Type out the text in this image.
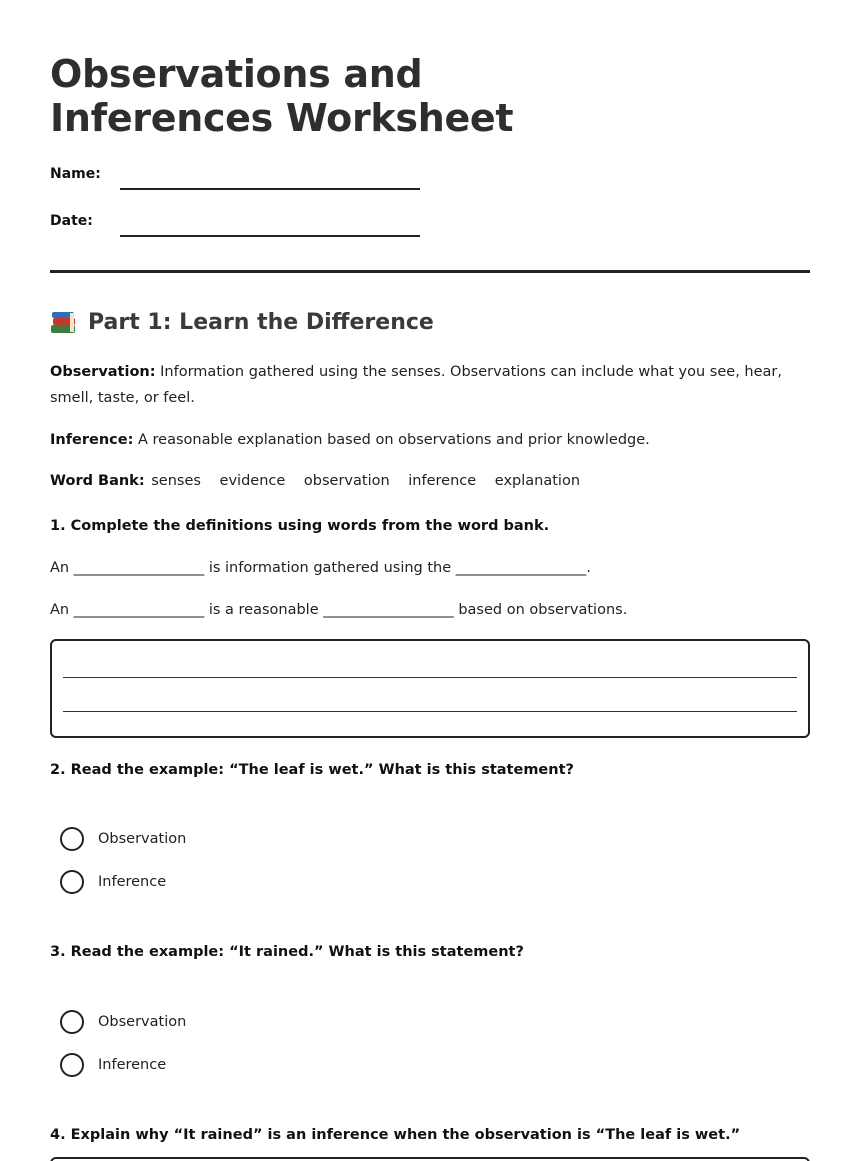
Observations and Inferences Worksheet
Name:
Date:
Part 1: Learn the Difference

Observation: Information gathered using the senses. Observations can include what you see, hear, smell, taste, or feel.

Inference: A reasonable explanation based on observations and prior knowledge.

Word Bank: senses evidence observation inference explanation

1. Complete the definitions using words from the word bank.

An __________________ is information gathered using the __________________.

An __________________ is a reasonable __________________ based on observations.

2. Read the example: “The leaf is wet.” What is this statement?

Observation
Inference

3. Read the example: “It rained.” What is this statement?

Observation
Inference

4. Explain why “It rained” is an inference when the observation is “The leaf is wet.”
